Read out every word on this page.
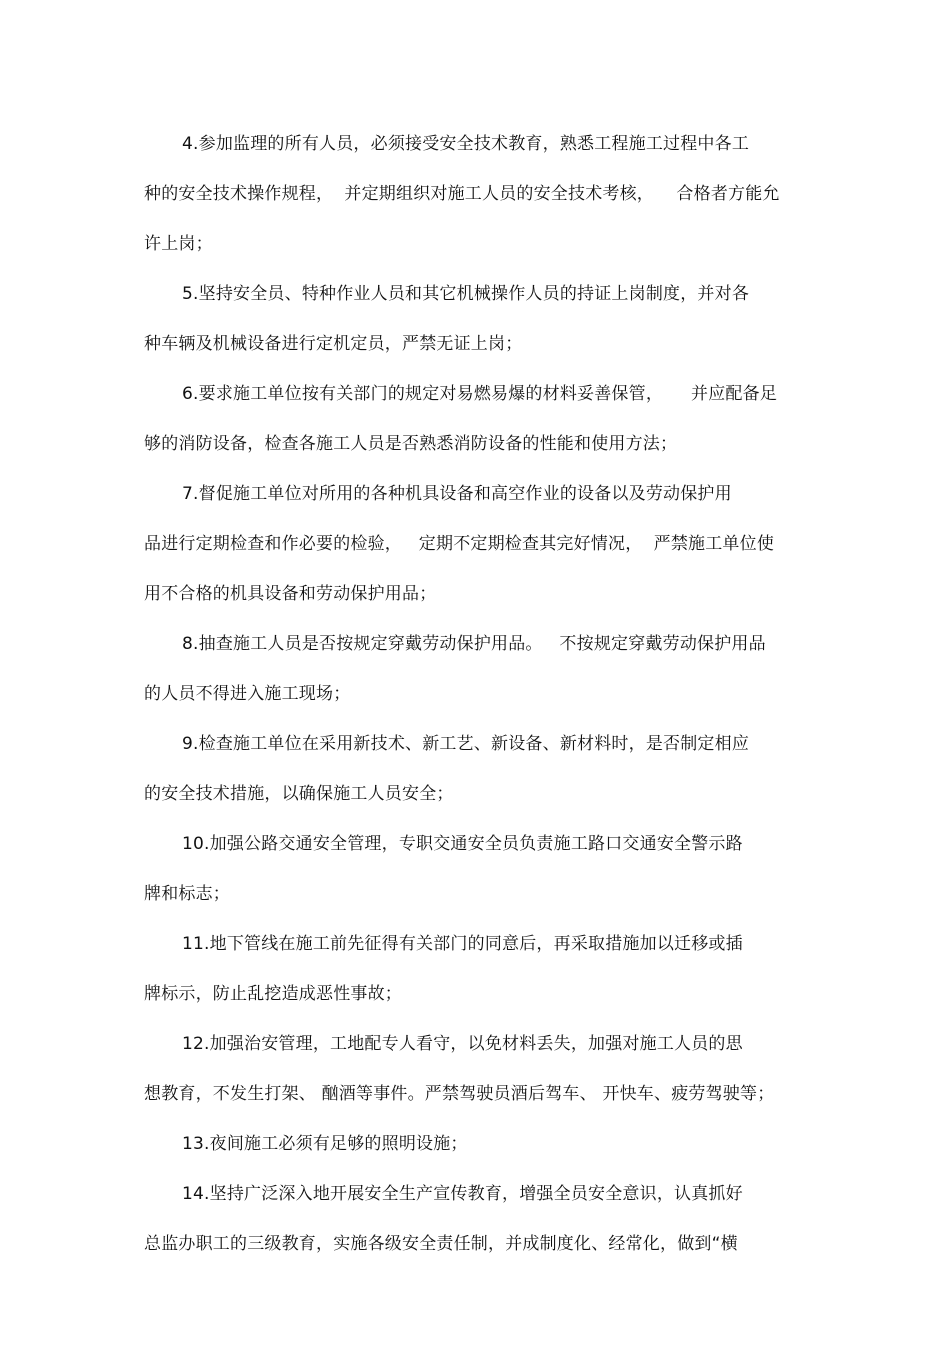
4.参加监理的所有人员，必须接受安全技术教育，熟悉工程施工过程中各工
种的安全技术操作规程，  并定期组织对施工人员的安全技术考核，    合格者方能允
许上岗；
5.坚持安全员、特种作业人员和其它机械操作人员的持证上岗制度，并对各
种车辆及机械设备进行定机定员，严禁无证上岗；
6.要求施工单位按有关部门的规定对易燃易爆的材料妥善保管，     并应配备足
够的消防设备，检查各施工人员是否熟悉消防设备的性能和使用方法；
7.督促施工单位对所用的各种机具设备和高空作业的设备以及劳动保护用
品进行定期检查和作必要的检验，   定期不定期检查其完好情况，  严禁施工单位使
用不合格的机具设备和劳动保护用品；
8.抽查施工人员是否按规定穿戴劳动保护用品。   不按规定穿戴劳动保护用品
的人员不得进入施工现场；
9.检查施工单位在采用新技术、新工艺、新设备、新材料时，是否制定相应
的安全技术措施，以确保施工人员安全；
10.加强公路交通安全管理，专职交通安全员负责施工路口交通安全警示路
牌和标志；
11.地下管线在施工前先征得有关部门的同意后，再采取措施加以迁移或插
牌标示，防止乱挖造成恶性事故；
12.加强治安管理，工地配专人看守，以免材料丢失，加强对施工人员的思
想教育，不发生打架、 酗酒等事件。严禁驾驶员酒后驾车、 开快车、疲劳驾驶等；
13.夜间施工必须有足够的照明设施；
14.坚持广泛深入地开展安全生产宣传教育，增强全员安全意识，认真抓好
总监办职工的三级教育，实施各级安全责任制，并成制度化、经常化，做到“横
